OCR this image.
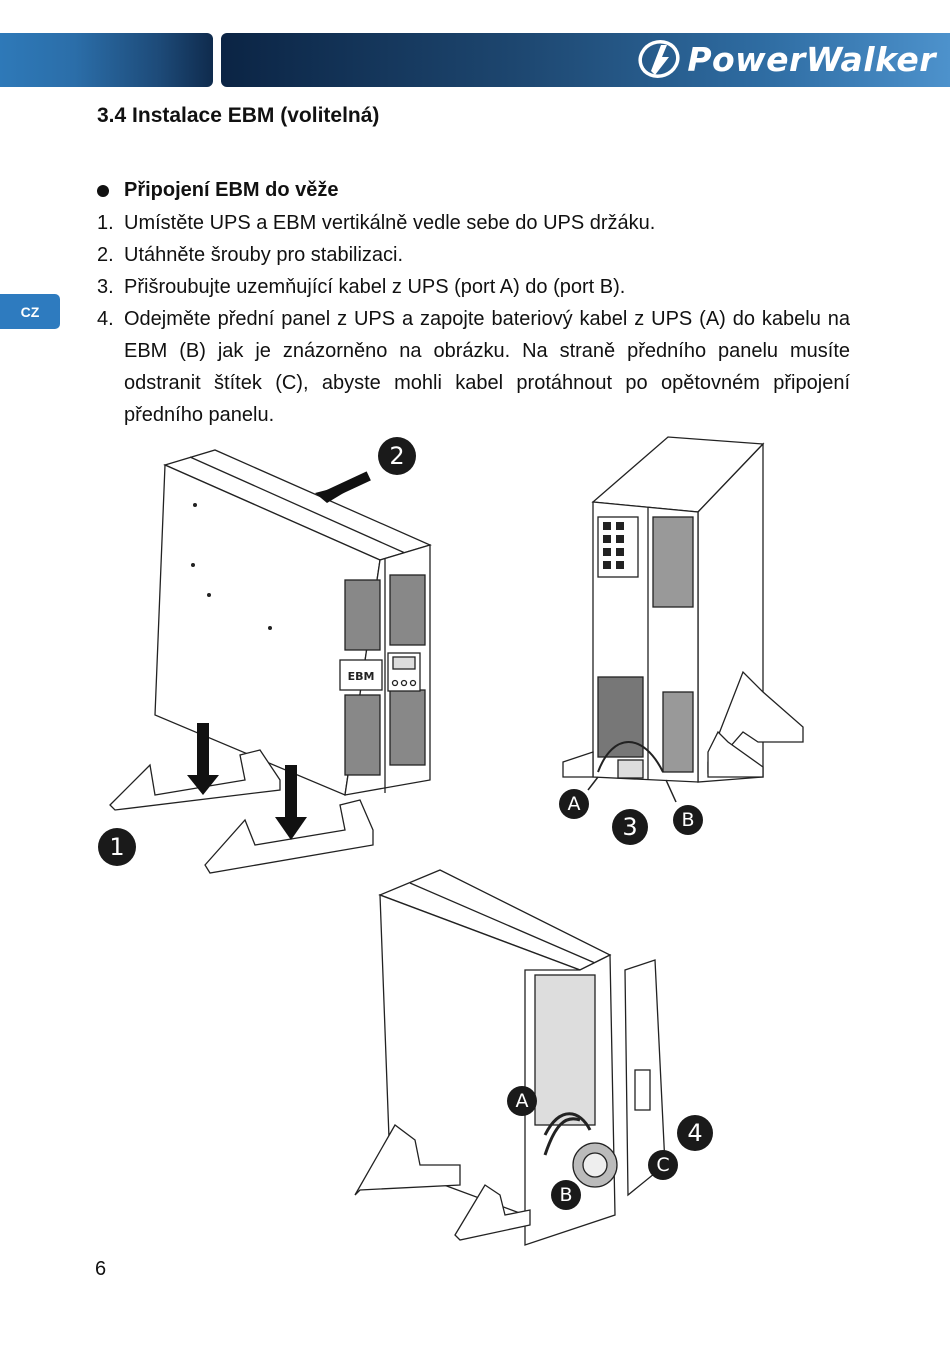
PowerWalker
CZ
3.4 Instalace EBM (volitelná)
Připojení EBM do věže
1. Umístěte UPS a EBM vertikálně vedle sebe do UPS držáku.
2. Utáhněte šrouby pro stabilizaci.
3. Přišroubujte uzemňující kabel z UPS (port A) do (port B).
4. Odejměte přední panel z UPS a zapojte bateriový kabel z UPS (A) do kabelu na EBM (B) jak je znázorněno na obrázku. Na straně předního panelu musíte odstranit štítek (C), abyste mohli kabel protáhnout po opětovném připojení předního panelu.
EBM
1
2
A
3 B
A
B
C
4
6
